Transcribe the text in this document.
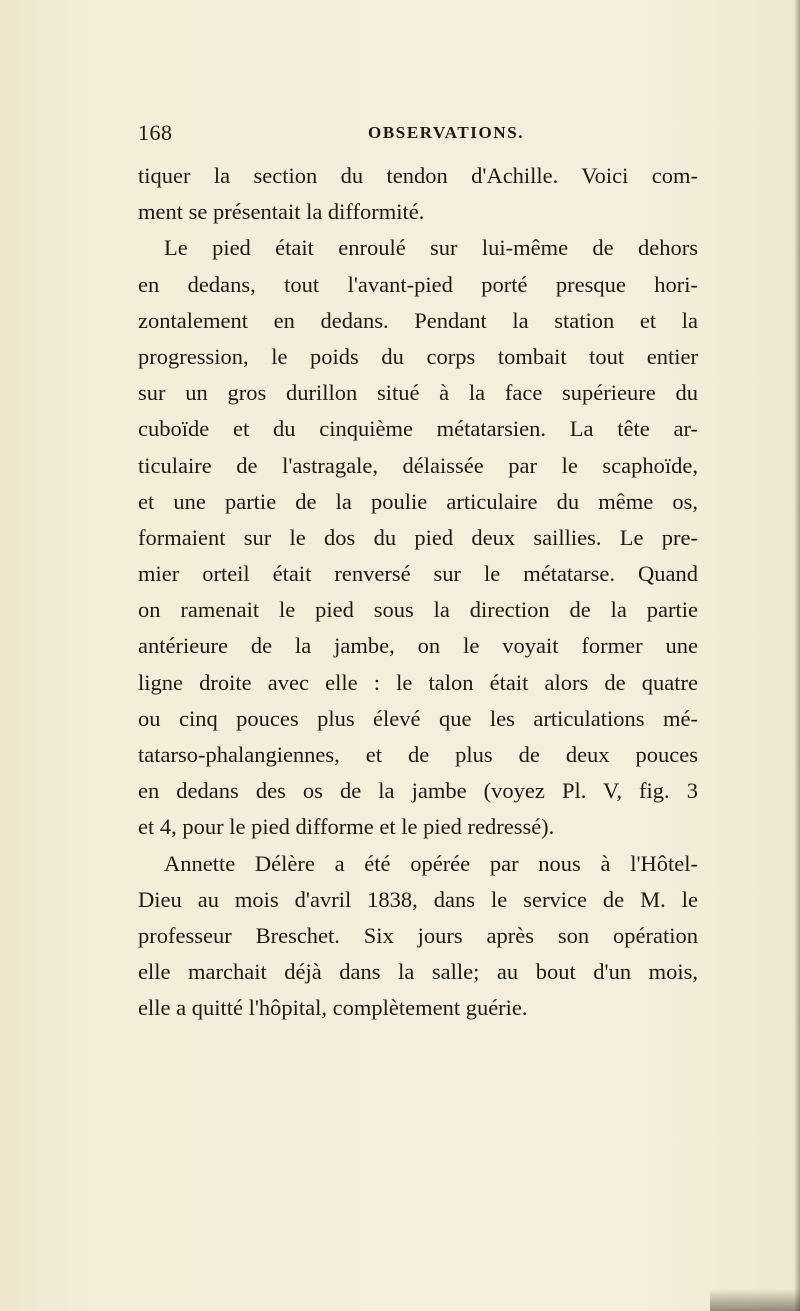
168	OBSERVATIONS.
tiquer la section du tendon d'Achille. Voici com-
ment se présentait la difformité.
Le pied était enroulé sur lui-même de dehors
en dedans, tout l'avant-pied porté presque hori-
zontalement en dedans. Pendant la station et la
progression, le poids du corps tombait tout entier
sur un gros durillon situé à la face supérieure du
cuboïde et du cinquième métatarsien. La tête ar-
ticulaire de l'astragale, délaissée par le scaphoïde,
et une partie de la poulie articulaire du même os,
formaient sur le dos du pied deux saillies. Le pre-
mier orteil était renversé sur le métatarse. Quand
on ramenait le pied sous la direction de la partie
antérieure de la jambe, on le voyait former une
ligne droite avec elle : le talon était alors de quatre
ou cinq pouces plus élevé que les articulations mé-
tatarso-phalangiennes, et de plus de deux pouces
en dedans des os de la jambe (voyez Pl. V, fig. 3
et 4, pour le pied difforme et le pied redressé).
Annette Délère a été opérée par nous à l'Hôtel-
Dieu au mois d'avril 1838, dans le service de M. le
professeur Breschet. Six jours après son opération
elle marchait déjà dans la salle; au bout d'un mois,
elle a quitté l'hôpital, complètement guérie.
